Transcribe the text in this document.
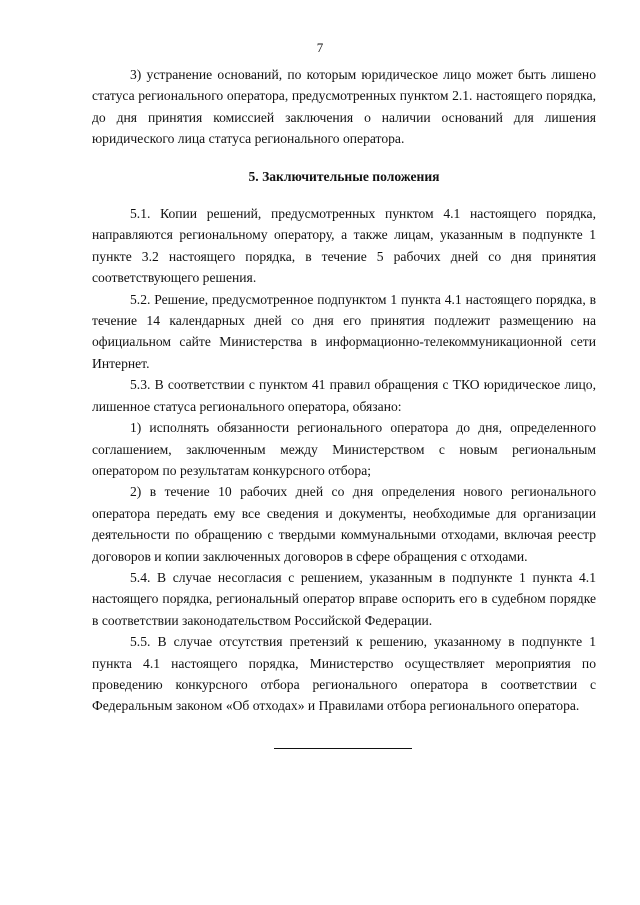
7

3) устранение оснований, по которым юридическое лицо может быть лишено статуса регионального оператора, предусмотренных пунктом 2.1. настоящего порядка, до дня принятия комиссией заключения о наличии оснований для лишения юридического лица статуса регионального оператора.

5. Заключительные положения

5.1. Копии решений, предусмотренных пунктом 4.1 настоящего порядка, направляются региональному оператору, а также лицам, указанным в подпункте 1 пункте 3.2 настоящего порядка, в течение 5 рабочих дней со дня принятия соответствующего решения.

5.2. Решение, предусмотренное подпунктом 1 пункта 4.1 настоящего порядка, в течение 14 календарных дней со дня его принятия подлежит размещению на официальном сайте Министерства в информационно-телекоммуникационной сети Интернет.

5.3. В соответствии с пунктом 41 правил обращения с ТКО юридическое лицо, лишенное статуса регионального оператора, обязано:

1) исполнять обязанности регионального оператора до дня, определенного соглашением, заключенным между Министерством с новым региональным оператором по результатам конкурсного отбора;

2) в течение 10 рабочих дней со дня определения нового регионального оператора передать ему все сведения и документы, необходимые для организации деятельности по обращению с твердыми коммунальными отходами, включая реестр договоров и копии заключенных договоров в сфере обращения с отходами.

5.4. В случае несогласия с решением, указанным в подпункте 1 пункта 4.1 настоящего порядка, региональный оператор вправе оспорить его в судебном порядке в соответствии законодательством Российской Федерации.

5.5. В случае отсутствия претензий к решению, указанному в подпункте 1 пункта 4.1 настоящего порядка, Министерство осуществляет мероприятия по проведению конкурсного отбора регионального оператора в соответствии с Федеральным законом «Об отходах» и Правилами отбора регионального оператора.
